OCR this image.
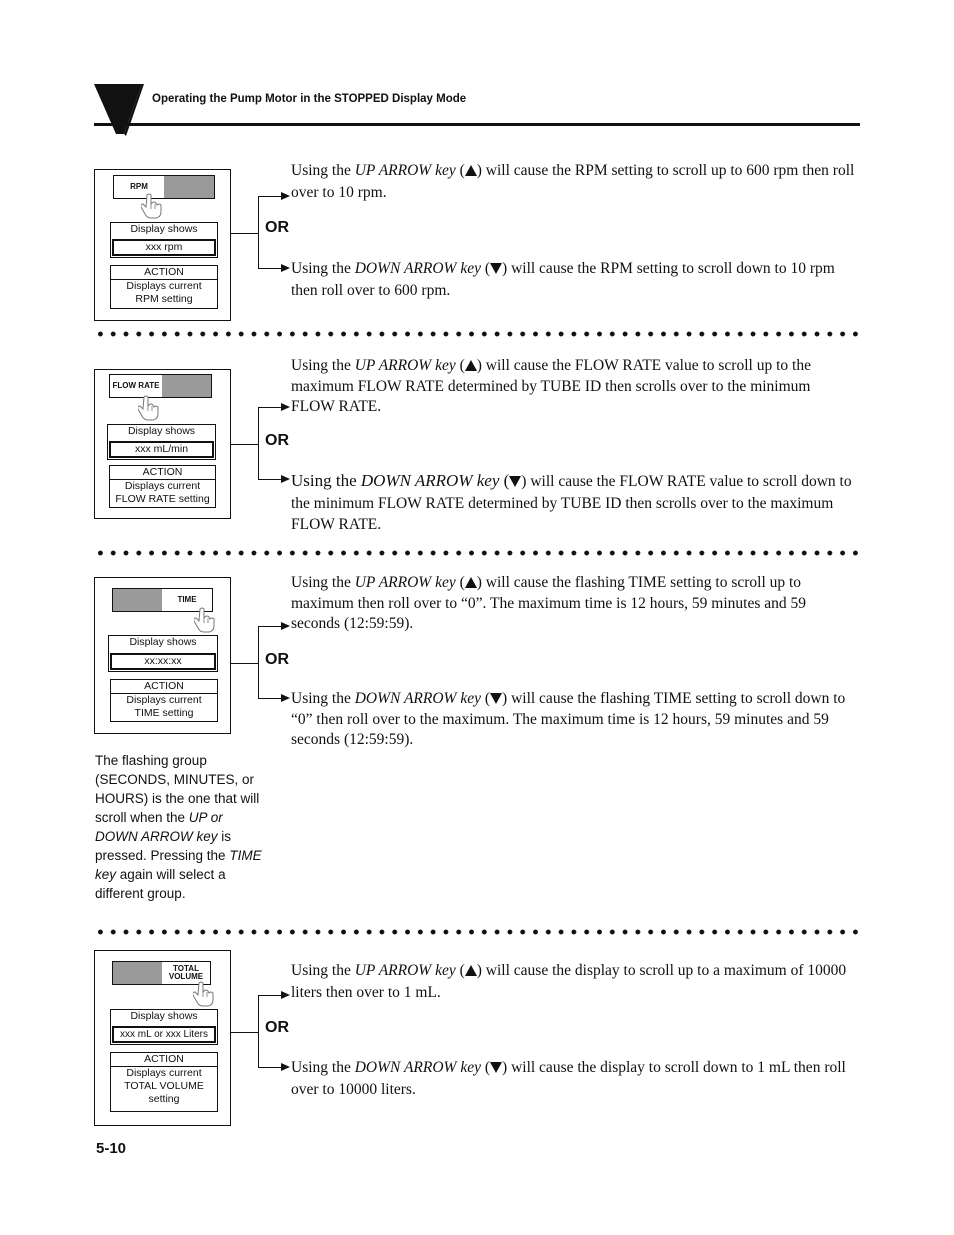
Operating the Pump Motor in the STOPPED Display Mode
RPM
Display shows
xxx rpm
ACTION
Displays current RPM setting
OR
Using the UP ARROW key ( ) will cause the RPM setting to scroll up to 600 rpm then roll over to 10 rpm.
Using the DOWN ARROW key ( ) will cause the RPM setting to scroll down to 10 rpm then roll over to 600 rpm.
FLOW RATE
Display shows
xxx mL/min
ACTION
Displays current FLOW RATE setting
OR
Using the UP ARROW key ( ) will cause the FLOW RATE value to scroll up to the maximum FLOW RATE determined by TUBE ID then scrolls over to the minimum FLOW RATE.
Using the DOWN ARROW key ( ) will cause the FLOW RATE value to scroll down to the minimum FLOW RATE determined by TUBE ID then scrolls over to the maximum FLOW RATE.
TIME
Display shows
xx:xx:xx
ACTION
Displays current TIME setting
OR
Using the UP ARROW key ( ) will cause the flashing TIME setting to scroll up to maximum then roll over to “0”. The maximum time is 12 hours, 59 minutes and 59 seconds (12:59:59).
Using the DOWN ARROW key ( ) will cause the flashing TIME setting to scroll down to “0” then roll over to the maximum. The maximum time is 12 hours, 59 minutes and 59 seconds (12:59:59).
The flashing group (SECONDS, MINUTES, or HOURS) is the one that will scroll when the UP or DOWN ARROW key is pressed. Pressing the TIME key again will select a different group.
TOTAL VOLUME
Display shows
xxx mL or xxx Liters
ACTION
Displays current TOTAL VOLUME setting
OR
Using the UP ARROW key ( ) will cause the display to scroll up to a maximum of 10000 liters then over to 1 mL.
Using the DOWN ARROW key ( ) will cause the display to scroll down to 1 mL then roll over to 10000 liters.
5-10
